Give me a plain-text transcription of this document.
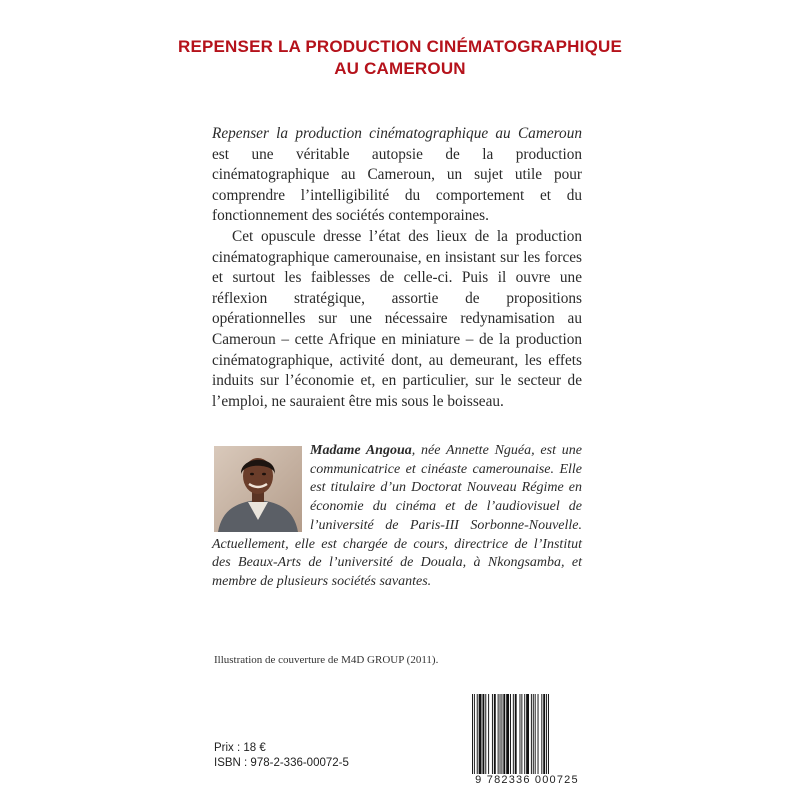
REPENSER LA PRODUCTION CINÉMATOGRAPHIQUE
AU CAMEROUN

Repenser la production cinématographique au Cameroun est une véritable autopsie de la production cinématographique au Cameroun, un sujet utile pour comprendre l’intelligibilité du comportement et du fonctionnement des sociétés contemporaines.

Cet opuscule dresse l’état des lieux de la production cinématographique camerounaise, en insistant sur les forces et surtout les faiblesses de celle-ci. Puis il ouvre une réflexion stratégique, assortie de propositions opérationnelles sur une nécessaire redynamisation au Cameroun – cette Afrique en miniature – de la production cinématographique, activité dont, au demeurant, les effets induits sur l’économie et, en particulier, sur le secteur de l’emploi, ne sauraient être mis sous le boisseau.

Madame Angoua, née Annette Nguéa, est une communicatrice et cinéaste camerounaise. Elle est titulaire d’un Doctorat Nouveau Régime en économie du cinéma et de l’audiovisuel de l’université de Paris-III Sorbonne-Nouvelle. Actuellement, elle est chargée de cours, directrice de l’Institut des Beaux-Arts de l’université de Douala, à Nkongsamba, et membre de plusieurs sociétés savantes.
Illustration de couverture de M4D GROUP (2011).
Prix : 18 €
ISBN : 978-2-336-00072-5
9 782336 000725
